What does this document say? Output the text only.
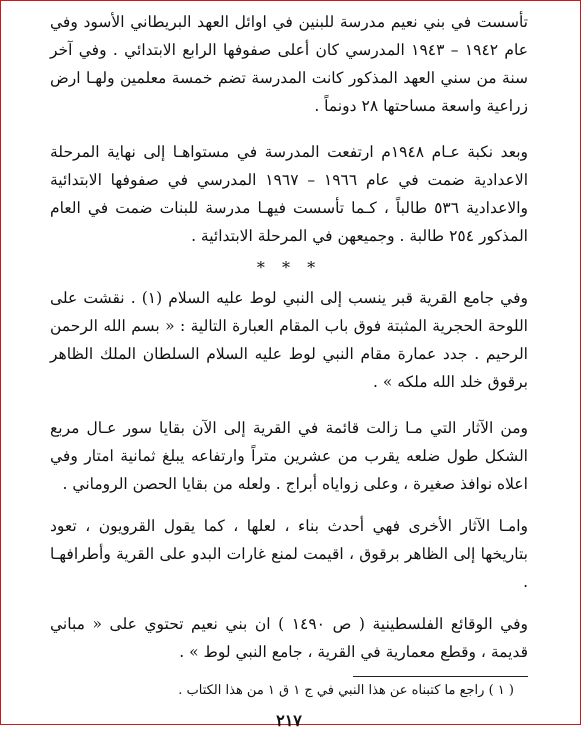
تأسست في بني نعيم مدرسة للبنين في اوائل العهد البريطاني الأسود وفي عام ١٩٤٢ – ١٩٤٣ المدرسي كان أعلى صفوفها الرابع الابتدائي . وفي آخر سنة من سني العهد المذكور كانت المدرسة تضم خمسة معلمين ولهـا ارض زراعية واسعة مساحتها ٢٨ دونماً .

وبعد نكبة عـام ١٩٤٨م ارتفعت المدرسة في مستواهـا إلى نهاية المرحلة الاعدادية ضمت في عام ١٩٦٦ – ١٩٦٧ المدرسي في صفوفها الابتدائية والاعدادية ٥٣٦ طالباً ، كـما تأسست فيهـا مدرسة للبنات ضمت في العام المذكور ٢٥٤ طالبة . وجميعهن في المرحلة الابتدائية .

* * *

وفي جامع القرية قبر ينسب إلى النبي لوط عليه السلام (١) . نقشت على اللوحة الحجرية المثبتة فوق باب المقام العبارة التالية : « بسم الله الرحمن الرحيم . جدد عمارة مقام النبي لوط عليه السلام السلطان الملك الظاهر برقوق خلد الله ملكه » .

ومن الآثار التي مـا زالت قائمة في القرية إلى الآن بقايا سور عـال مربع الشكل طول ضلعه يقرب من عشرين متراً وارتفاعه يبلغ ثمانية امتار وفي اعلاه نوافذ صغيرة ، وعلى زواياه أبراج . ولعله من بقايا الحصن الروماني .

وامـا الآثار الأخرى فهي أحدث بناء ، لعلها ، كما يقول القرويون ، تعود بتاريخها إلى الظاهر برقوق ، اقيمت لمنع غارات البدو على القرية وأطرافهـا .

وفي الوقائع الفلسطينية ( ص ١٤٩٠ ) ان بني نعيم تحتوي على « مباني قديمة ، وقطع معمارية في القرية ، جامع النبي لوط » .

( ١ ) راجع ما كتبناه عن هذا النبي في ج ١ ق ١ من هذا الكتاب .

٢١٧
